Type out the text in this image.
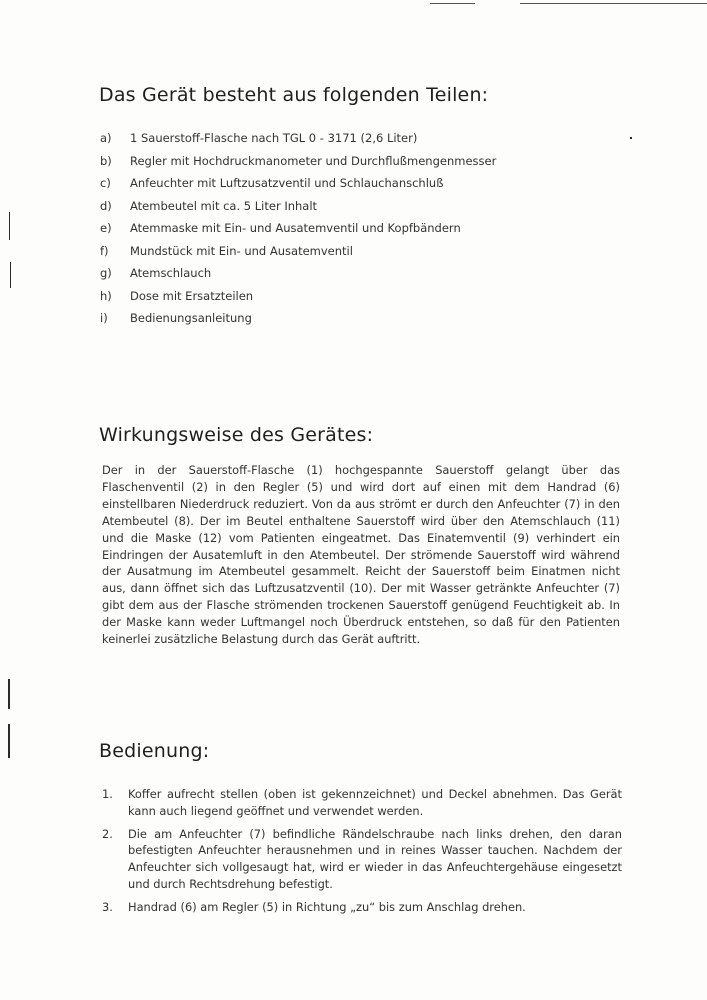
Das Gerät besteht aus folgenden Teilen:
a) 1 Sauerstoff-Flasche nach TGL 0 - 3171 (2,6 Liter)
b) Regler mit Hochdruckmanometer und Durchflußmengenmesser
c) Anfeuchter mit Luftzusatzventil und Schlauchanschluß
d) Atembeutel mit ca. 5 Liter Inhalt
e) Atemmaske mit Ein- und Ausatemventil und Kopfbändern
f) Mundstück mit Ein- und Ausatemventil
g) Atemschlauch
h) Dose mit Ersatzteilen
i) Bedienungsanleitung
Wirkungsweise des Gerätes:

Der in der Sauerstoff-Flasche (1) hochgespannte Sauerstoff gelangt über das Flaschenventil (2) in den Regler (5) und wird dort auf einen mit dem Handrad (6) einstellbaren Niederdruck reduziert. Von da aus strömt er durch den Anfeuchter (7) in den Atembeutel (8). Der im Beutel enthaltene Sauerstoff wird über den Atemschlauch (11) und die Maske (12) vom Patienten eingeatmet. Das Einatemventil (9) verhindert ein Eindringen der Ausatemluft in den Atembeutel. Der strömende Sauerstoff wird während der Ausatmung im Atembeutel gesammelt. Reicht der Sauerstoff beim Einatmen nicht aus, dann öffnet sich das Luftzusatzventil (10). Der mit Wasser getränkte Anfeuchter (7) gibt dem aus der Flasche strömenden trockenen Sauerstoff genügend Feuchtigkeit ab. In der Maske kann weder Luftmangel noch Überdruck entstehen, so daß für den Patienten keinerlei zusätzliche Belastung durch das Gerät auftritt.

Bedienung:
1.	Koffer aufrecht stellen (oben ist gekennzeichnet) und Deckel abnehmen. Das Gerät kann auch liegend geöffnet und verwendet werden.
2.	Die am Anfeuchter (7) befindliche Rändelschraube nach links drehen, den daran befestigten Anfeuchter herausnehmen und in reines Wasser tauchen. Nachdem der Anfeuchter sich vollgesaugt hat, wird er wieder in das Anfeuchtergehäuse eingesetzt und durch Rechtsdrehung befestigt.
3.	Handrad (6) am Regler (5) in Richtung „zu“ bis zum Anschlag drehen.
